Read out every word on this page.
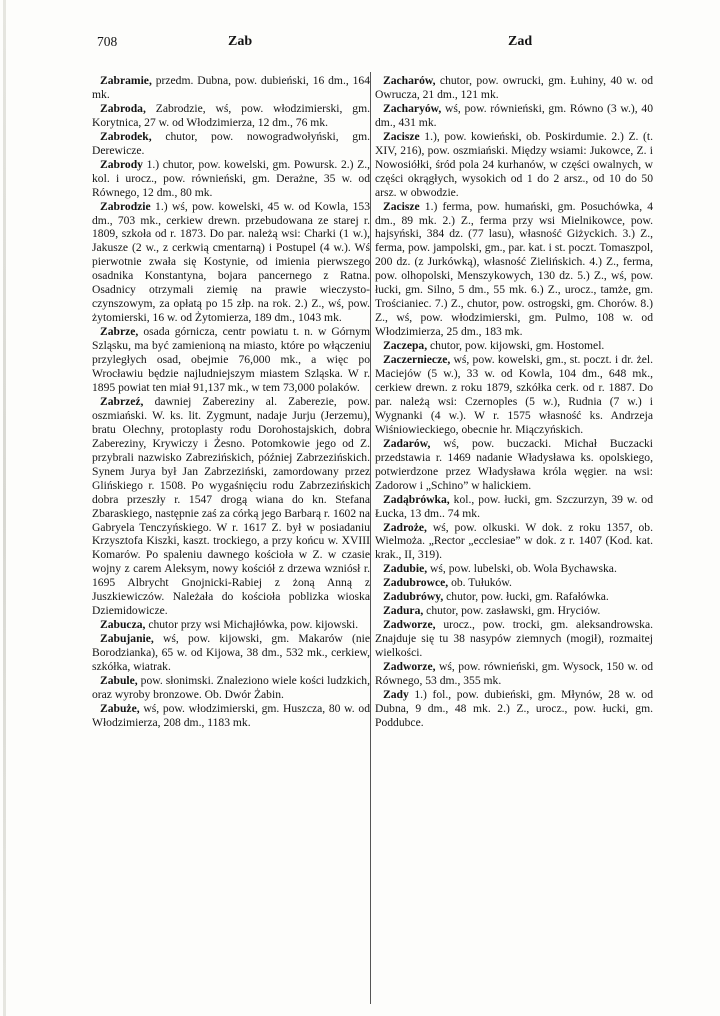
708	Zab	Zad

Zabramie, przedm. Dubna, pow. dubieński, 16 dm., 164 mk.

Zabroda, Zabrodzie, wś, pow. włodzimierski, gm. Korytnica, 27 w. od Włodzimierza, 12 dm., 76 mk.

Zabrodek, chutor, pow. nowogradwołyński, gm. Derewicze.

Zabrody 1.) chutor, pow. kowelski, gm. Powursk. 2.) Z., kol. i urocz., pow. równieński, gm. Derażne, 35 w. od Równego, 12 dm., 80 mk.

Zabrodzie 1.) wś, pow. kowelski, 45 w. od Kowla, 153 dm., 703 mk., cerkiew drewn. przebudowana ze starej r. 1809, szkoła od r. 1873. Do par. należą wsi: Charki (1 w.), Jakusze (2 w., z cerkwią cmentarną) i Postupel (4 w.). Wś pierwotnie zwała się Kostynie, od imienia pierwszego osadnika Konstantyna, bojara pancernego z Ratna. Osadnicy otrzymali ziemię na prawie wieczysto-czynszowym, za opłatą po 15 złp. na rok. 2.) Z., wś, pow. żytomierski, 16 w. od Żytomierza, 189 dm., 1043 mk.

Zabrze, osada górnicza, centr powiatu t. n. w Górnym Szląsku, ma być zamienioną na miasto, które po włączeniu przyległych osad, obejmie 76,000 mk., a więc po Wrocławiu będzie najludniejszym miastem Szląska. W r. 1895 powiat ten miał 91,137 mk., w tem 73,000 polaków.

Zabrzeź, dawniej Zabereziny al. Zaberezie, pow. oszmiański. W. ks. lit. Zygmunt, nadaje Jurju (Jerzemu), bratu Olechny, protoplasty rodu Dorohostajskich, dobra Zabereziny, Krywiczy i Żesno. Potomkowie jego od Z. przybrali nazwisko Zabrezińskich, później Zabrzezińskich. Synem Jurya był Jan Zabrzeziński, zamordowany przez Glińskiego r. 1508. Po wygaśnięciu rodu Zabrzezińskich dobra przeszły r. 1547 drogą wiana do kn. Stefana Zbaraskiego, następnie zaś za córką jego Barbarą r. 1602 na Gabryela Tenczyńskiego. W r. 1617 Z. był w posiadaniu Krzysztofa Kiszki, kaszt. trockiego, a przy końcu w. XVIII Komarów. Po spaleniu dawnego kościoła w Z. w czasie wojny z carem Aleksym, nowy kościół z drzewa wzniósł r. 1695 Albrycht Gnojnicki-Rabiej z żoną Anną z Juszkiewiczów. Należała do kościoła poblizka wioska Dziemidowicze.

Zabucza, chutor przy wsi Michajłówka, pow. kijowski.

Zabujanie, wś, pow. kijowski, gm. Makarów (nie Borodzianka), 65 w. od Kijowa, 38 dm., 532 mk., cerkiew, szkółka, wiatrak.

Zabule, pow. słonimski. Znaleziono wiele kości ludzkich, oraz wyroby bronzowe. Ob. Dwór Żabin.

Zabuże, wś, pow. włodzimierski, gm. Huszcza, 80 w. od Włodzimierza, 208 dm., 1183 mk.

Zacharów, chutor, pow. owrucki, gm. Łuhiny, 40 w. od Owrucza, 21 dm., 121 mk.

Zacharyów, wś, pow. równieński, gm. Równo (3 w.), 40 dm., 431 mk.

Zacisze 1.), pow. kowieński, ob. Poskirdumie. 2.) Z. (t. XIV, 216), pow. oszmiański. Między wsiami: Jukowce, Z. i Nowosiółki, śród pola 24 kurhanów, w części owalnych, w części okrągłych, wysokich od 1 do 2 arsz., od 10 do 50 arsz. w obwodzie.

Zacisze 1.) ferma, pow. humański, gm. Posuchówka, 4 dm., 89 mk. 2.) Z., ferma przy wsi Mielnikowce, pow. hajsyński, 384 dz. (77 lasu), własność Giżyckich. 3.) Z., ferma, pow. jampolski, gm., par. kat. i st. poczt. Tomaszpol, 200 dz. (z Jurkówką), własność Zielińskich. 4.) Z., ferma, pow. olhopolski, Menszykowych, 130 dz. 5.) Z., wś, pow. łucki, gm. Silno, 5 dm., 55 mk. 6.) Z., urocz., tamże, gm. Trościaniec. 7.) Z., chutor, pow. ostrogski, gm. Chorów. 8.) Z., wś, pow. włodzimierski, gm. Pulmo, 108 w. od Włodzimierza, 25 dm., 183 mk.

Zaczepa, chutor, pow. kijowski, gm. Hostomel.

Zaczerniecze, wś, pow. kowelski, gm., st. poczt. i dr. żel. Maciejów (5 w.), 33 w. od Kowla, 104 dm., 648 mk., cerkiew drewn. z roku 1879, szkółka cerk. od r. 1887. Do par. należą wsi: Czernoples (5 w.), Rudnia (7 w.) i Wygnanki (4 w.). W r. 1575 własność ks. Andrzeja Wiśniowieckiego, obecnie hr. Miączyńskich.

Zadarów, wś, pow. buczacki. Michał Buczacki przedstawia r. 1469 nadanie Władysława ks. opolskiego, potwierdzone przez Władysława króla węgier. na wsi: Zadorow i „Schino” w halickiem.

Zadąbrówka, kol., pow. łucki, gm. Szczurzyn, 39 w. od Łucka, 13 dm.. 74 mk.

Zadroże, wś, pow. olkuski. W dok. z roku 1357, ob. Wielmoża. „Rector „ecclesiae” w dok. z r. 1407 (Kod. kat. krak., II, 319).

Zadubie, wś, pow. lubelski, ob. Wola Bychawska.

Zadubrowce, ob. Tułuków.

Zadubrówy, chutor, pow. łucki, gm. Rafałówka.

Zadura, chutor, pow. zasławski, gm. Hryciów.

Zadworze, urocz., pow. trocki, gm. aleksandrowska. Znajduje się tu 38 nasypów ziemnych (mogił), rozmaitej wielkości.

Zadworze, wś, pow. równieński, gm. Wysock, 150 w. od Równego, 53 dm., 355 mk.

Zady 1.) fol., pow. dubieński, gm. Młynów, 28 w. od Dubna, 9 dm., 48 mk. 2.) Z., urocz., pow. łucki, gm. Poddubce.
